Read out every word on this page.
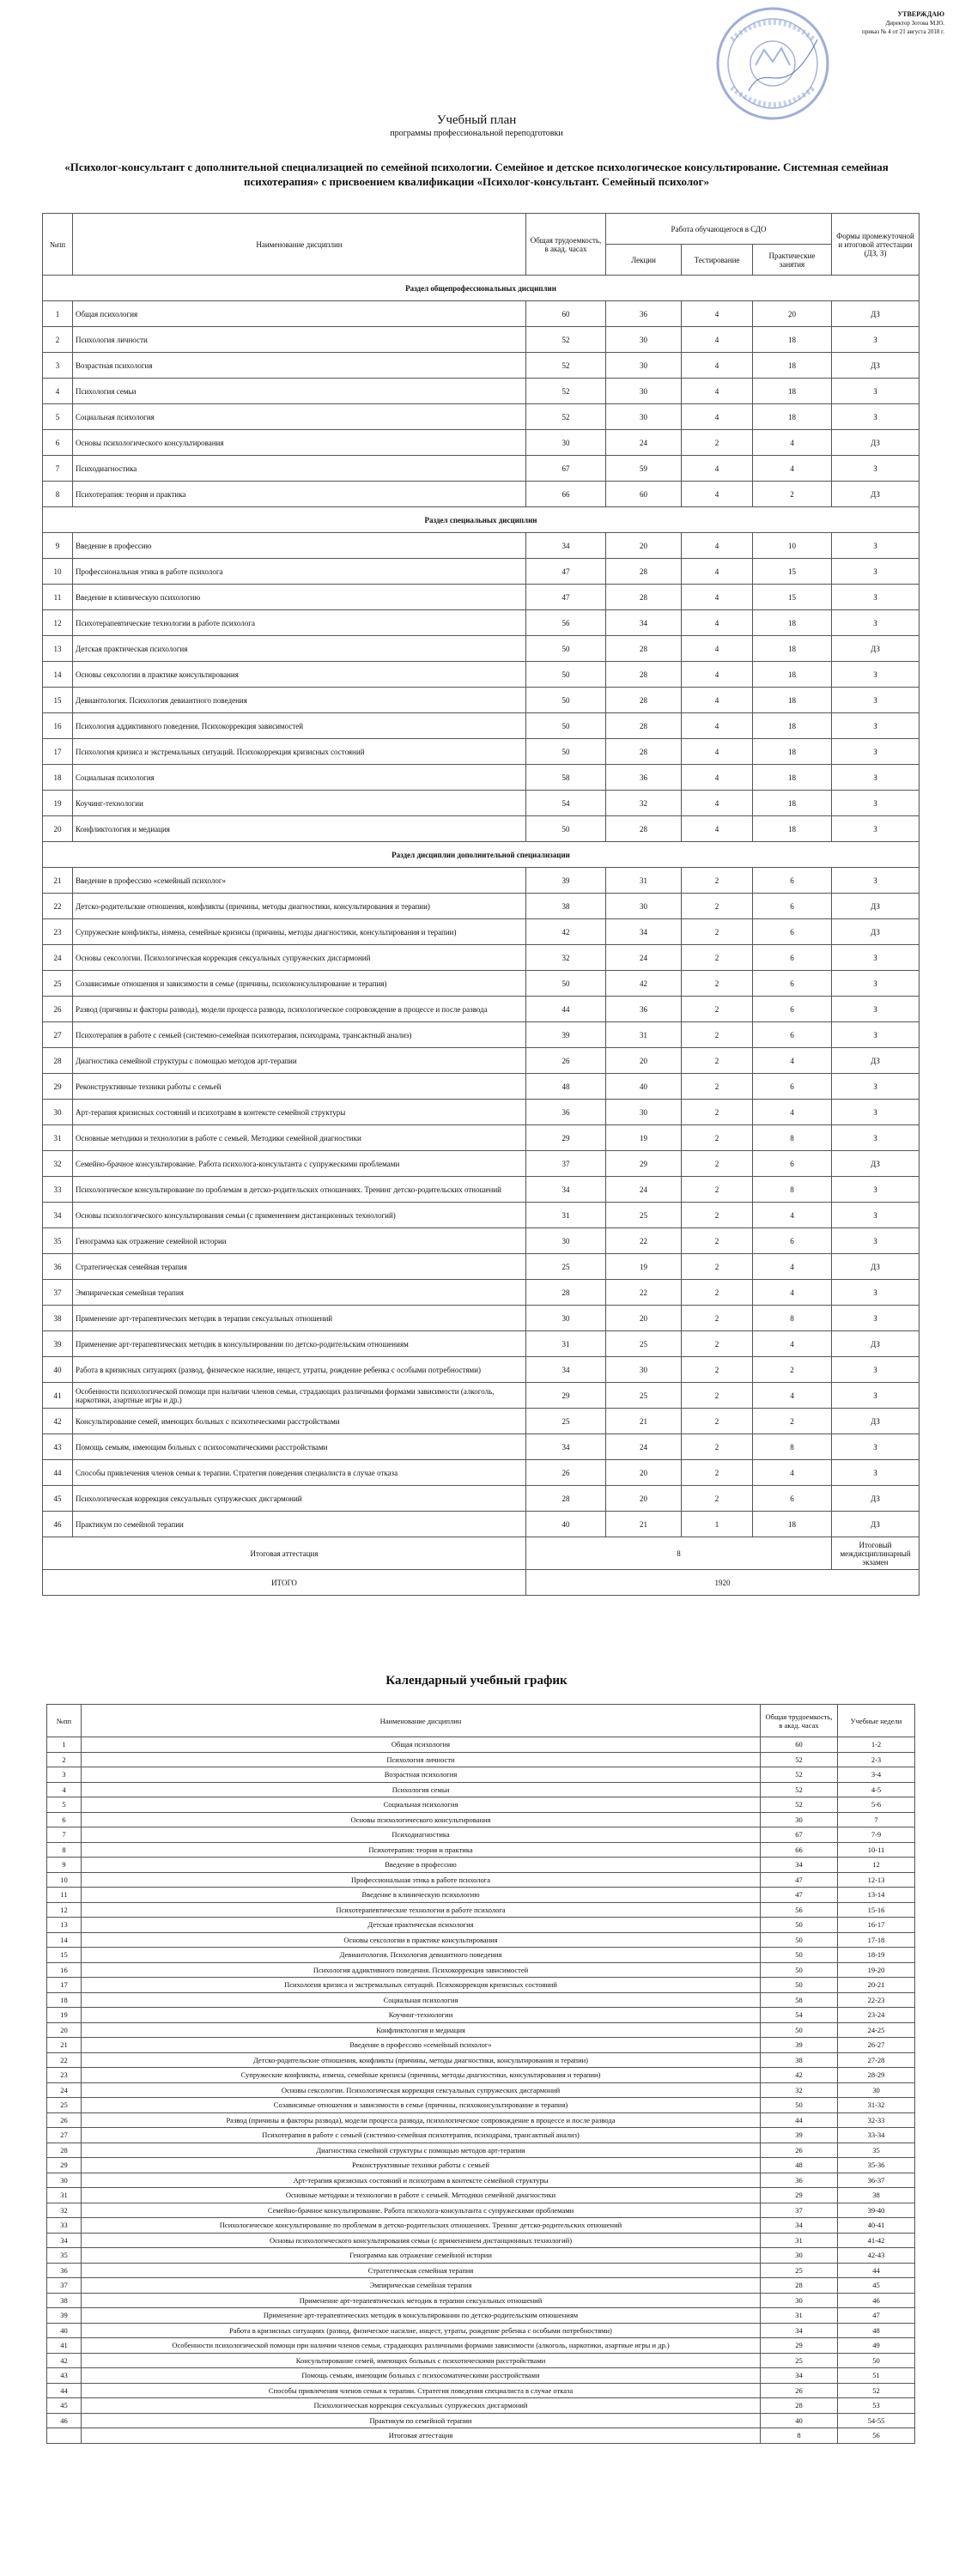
УТВЕРЖДАЮ
Директор Зотова М.Ю.
приказ № 4 от 21 августа 2018 г.
Учебный план
программы профессиональной переподготовки
«Психолог-консультант с дополнительной специализацией по семейной психологии. Семейное и детское психологическое консультирование. Системная семейная психотерапия» с присвоением квалификации «Психолог-консультант. Семейный психолог»
№пп	Наименование дисциплин	Общая трудоемкость, в акад. часах	Работа обучающегося в СДО			Формы промежуточной и итоговой аттестации (ДЗ, З)
			Лекции	Тестирование	Практические занятия	
Раздел общепрофессиональных дисциплин						
1	Общая психология	60	36	4	20	ДЗ
2	Психология личности	52	30	4	18	З
3	Возрастная психология	52	30	4	18	ДЗ
4	Психология семьи	52	30	4	18	З
5	Социальная психология	52	30	4	18	З
6	Основы психологического консультирования	30	24	2	4	ДЗ
7	Психодиагностика	67	59	4	4	З
8	Психотерапия: теория и практика	66	60	4	2	ДЗ
Раздел специальных дисциплин						
9	Введение в профессию	34	20	4	10	З
10	Профессиональная этика в работе психолога	47	28	4	15	З
11	Введение в клиническую психологию	47	28	4	15	З
12	Психотерапевтические технологии в работе психолога	56	34	4	18	З
13	Детская практическая психология	50	28	4	18	ДЗ
14	Основы сексологии в практике консультирования	50	28	4	18	З
15	Девиантология. Психология девиантного поведения	50	28	4	18	З
16	Психология аддиктивного поведения. Психокоррекция зависимостей	50	28	4	18	З
17	Психология кризиса и экстремальных ситуаций. Психокоррекция кризисных состояний	50	28	4	18	З
18	Социальная психология	58	36	4	18	З
19	Коучинг-технологии	54	32	4	18	З
20	Конфликтология и медиация	50	28	4	18	З
Раздел дисциплин дополнительной специализации						
21	Введение в профессию «семейный психолог»	39	31	2	6	З
22	Детско-родительские отношения, конфликты (причины, методы диагностики, консультирования и терапии)	38	30	2	6	ДЗ
23	Супружеские конфликты, измена, семейные кризисы (причины, методы диагностики, консультирования и терапии)	42	34	2	6	ДЗ
24	Основы сексологии. Психологическая коррекция сексуальных супружеских дисгармоний	32	24	2	6	З
25	Созависимые отношения и зависимости в семье (причины, психоконсультирование и терапия)	50	42	2	6	З
26	Развод (причины и факторы развода), модели процесса развода, психологическое сопровождение в процессе и после развода	44	36	2	6	З
27	Психотерапия в работе с семьей (системно-семейная психотерапия, психодрама, трансактный анализ)	39	31	2	6	З
28	Диагностика семейной структуры с помощью методов арт-терапии	26	20	2	4	ДЗ
29	Реконструктивные техники работы с семьей	48	40	2	6	З
30	Арт-терапия кризисных состояний и психотравм в контексте семейной структуры	36	30	2	4	З
31	Основные методики и технологии в работе с семьей. Методики семейной диагностики	29	19	2	8	З
32	Семейно-брачное консультирование. Работа психолога-консультанта с супружескими проблемами	37	29	2	6	ДЗ
33	Психологическое консультирование по проблемам в детско-родительских отношениях. Тренинг детско-родительских отношений	34	24	2	8	З
34	Основы психологического консультирования семьи (с применением дистанционных технологий)	31	25	2	4	З
35	Генограмма как отражение семейной истории	30	22	2	6	З
36	Стратегическая семейная терапия	25	19	2	4	ДЗ
37	Эмпирическая семейная терапия	28	22	2	4	З
38	Применение арт-терапевтических методик в терапии сексуальных отношений	30	20	2	8	З
39	Применение арт-терапевтических методик в консультировании по детско-родительским отношениям	31	25	2	4	ДЗ
40	Работа в кризисных ситуациях (развод, физическое насилие, инцест, утраты, рождение ребенка с особыми потребностями)	34	30	2	2	З
41	Особенности психологической помощи при наличии членов семьи, страдающих различными формами зависимости (алкоголь, наркотики, азартные игры и др.)	29	25	2	4	З
42	Консультирование семей, имеющих больных с психотическими расстройствами	25	21	2	2	ДЗ
43	Помощь семьям, имеющим больных с психосоматическими расстройствами	34	24	2	8	З
44	Способы привлечения членов семьи к терапии. Стратегия поведения специалиста в случае отказа	26	20	2	4	З
45	Психологическая коррекция сексуальных супружеских дисгармоний	28	20	2	6	ДЗ
46	Практикум по семейной терапии	40	21	1	18	ДЗ
Итоговая аттестация		8				Итоговый междисциплинарный экзамен
ИТОГО		1920				
Календарный учебный график
№пп	Наименование дисциплин	Общая трудоемкость, в акад. часах	Учебные недели
1	Общая психология	60	1-2
2	Психология личности	52	2-3
3	Возрастная психология	52	3-4
4	Психология семьи	52	4-5
5	Социальная психология	52	5-6
6	Основы психологического консультирования	30	7
7	Психодиагностика	67	7-9
8	Психотерапия: теория и практика	66	10-11
9	Введение в профессию	34	12
10	Профессиональная этика в работе психолога	47	12-13
11	Введение в клиническую психологию	47	13-14
12	Психотерапевтические технологии в работе психолога	56	15-16
13	Детская практическая психология	50	16-17
14	Основы сексологии в практике консультирования	50	17-18
15	Девиантология. Психология девиантного поведения	50	18-19
16	Психология аддиктивного поведения. Психокоррекция зависимостей	50	19-20
17	Психология кризиса и экстремальных ситуаций. Психокоррекция кризисных состояний	50	20-21
18	Социальная психология	58	22-23
19	Коучинг-технологии	54	23-24
20	Конфликтология и медиация	50	24-25
21	Введение в профессию «семейный психолог»	39	26-27
22	Детско-родительские отношения, конфликты (причины, методы диагностики, консультирования и терапии)	38	27-28
23	Супружеские конфликты, измена, семейные кризисы (причины, методы диагностики, консультирования и терапии)	42	28-29
24	Основы сексологии. Психологическая коррекция сексуальных супружеских дисгармоний	32	30
25	Созависимые отношения и зависимости в семье (причины, психоконсультирование и терапия)	50	31-32
26	Развод (причины и факторы развода), модели процесса развода, психологическое сопровождение в процессе и после развода	44	32-33
27	Психотерапия в работе с семьей (системно-семейная психотерапия, психодрама, трансактный анализ)	39	33-34
28	Диагностика семейной структуры с помощью методов арт-терапии	26	35
29	Реконструктивные техники работы с семьей	48	35-36
30	Арт-терапия кризисных состояний и психотравм в контексте семейной структуры	36	36-37
31	Основные методики и технологии в работе с семьей. Методики семейной диагностики	29	38
32	Семейно-брачное консультирование. Работа психолога-консультанта с супружескими проблемами	37	39-40
33	Психологическое консультирование по проблемам в детско-родительских отношениях. Тренинг детско-родительских отношений	34	40-41
34	Основы психологического консультирования семьи (с применением дистанционных технологий)	31	41-42
35	Генограмма как отражение семейной истории	30	42-43
36	Стратегическая семейная терапия	25	44
37	Эмпирическая семейная терапия	28	45
38	Применение арт-терапевтических методик в терапии сексуальных отношений	30	46
39	Применение арт-терапевтических методик в консультировании по детско-родительским отношениям	31	47
40	Работа в кризисных ситуациях (развод, физическое насилие, инцест, утраты, рождение ребенка с особыми потребностями)	34	48
41	Особенности психологической помощи при наличии членов семьи, страдающих различными формами зависимости (алкоголь, наркотики, азартные игры и др.)	29	49
42	Консультирование семей, имеющих больных с психотическими расстройствами	25	50
43	Помощь семьям, имеющим больных с психосоматическими расстройствами	34	51
44	Способы привлечения членов семьи к терапии. Стратегия поведения специалиста в случае отказа	26	52
45	Психологическая коррекция сексуальных супружеских дисгармоний	28	53
46	Практикум по семейной терапии	40	54-55
	Итоговая аттестация	8	56
